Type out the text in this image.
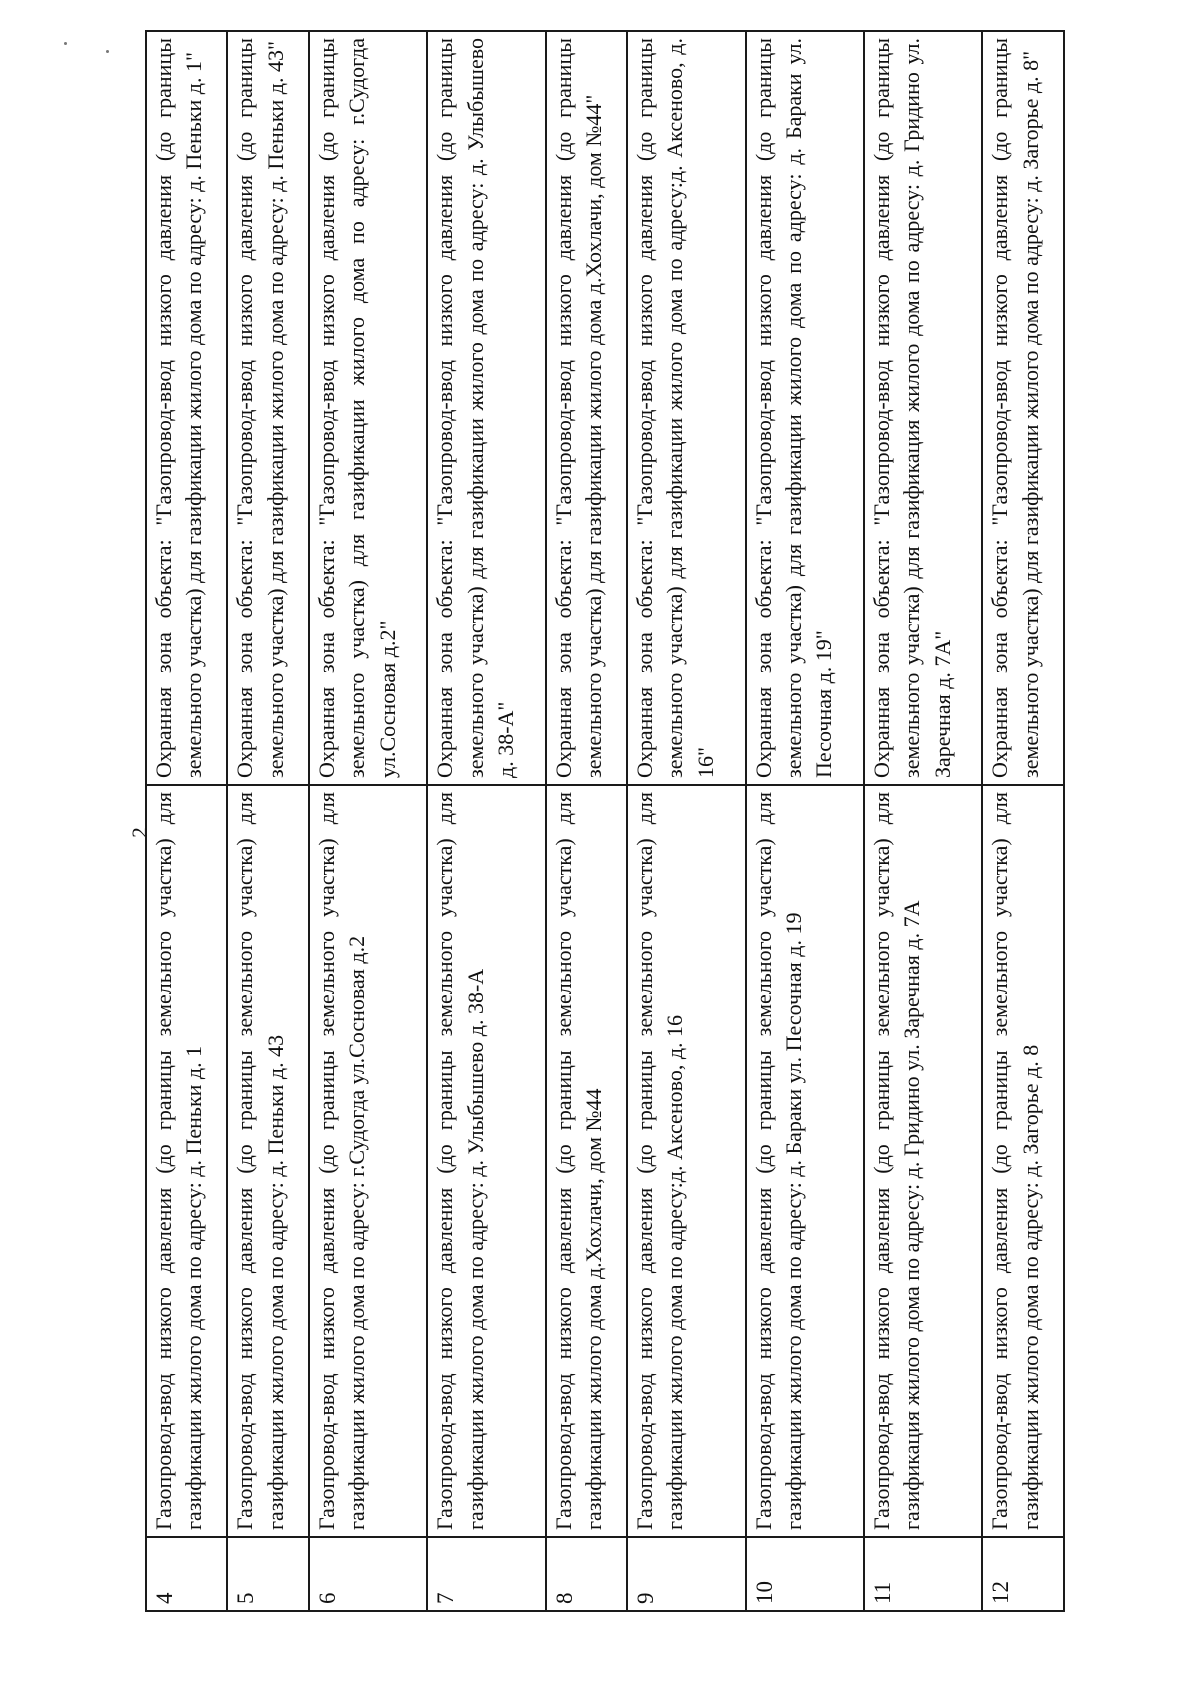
2
4	Газопровод-ввод низкого давления (до границы земельного участка) для газификации жилого дома по адресу: д. Пеньки д. 1	Охранная зона объекта: "Газопровод-ввод низкого давления (до границы земельного участка) для газификации жилого дома по адресу: д. Пеньки д. 1"
5	Газопровод-ввод низкого давления (до границы земельного участка) для газификации жилого дома по адресу: д. Пеньки д. 43	Охранная зона объекта: "Газопровод-ввод низкого давления (до границы земельного участка) для газификации жилого дома по адресу: д. Пеньки д. 43"
6	Газопровод-ввод низкого давления (до границы земельного участка) для газификации жилого дома по адресу: г.Судогда ул.Сосновая д.2	Охранная зона объекта: "Газопровод-ввод низкого давления (до границы земельного участка) для газификации жилого дома по адресу: г.Судогда ул.Сосновая д.2"
7	Газопровод-ввод низкого давления (до границы земельного участка) для газификации жилого дома по адресу: д. Улыбышево д. 38-А	Охранная зона объекта: "Газопровод-ввод низкого давления (до границы земельного участка) для газификации жилого дома по адресу: д. Улыбышево д. 38-А"
8	Газопровод-ввод низкого давления (до границы земельного участка) для газификации жилого дома д.Хохлачи, дом №44	Охранная зона объекта: "Газопровод-ввод низкого давления (до границы земельного участка) для газификации жилого дома д.Хохлачи, дом №44"
9	Газопровод-ввод низкого давления (до границы земельного участка) для газификации жилого дома по адресу:д. Аксеново, д. 16	Охранная зона объекта: "Газопровод-ввод низкого давления (до границы земельного участка) для газификации жилого дома по адресу:д. Аксеново, д. 16"
10	Газопровод-ввод низкого давления (до границы земельного участка) для газификации жилого дома по адресу: д. Бараки ул. Песочная д. 19	Охранная зона объекта: "Газопровод-ввод низкого давления (до границы земельного участка) для газификации жилого дома по адресу: д. Бараки ул. Песочная д. 19"
11	Газопровод-ввод низкого давления (до границы земельного участка) для газификация жилого дома по адресу: д. Гридино ул. Заречная д. 7А	Охранная зона объекта: "Газопровод-ввод низкого давления (до границы земельного участка) для газификация жилого дома по адресу: д. Гридино ул. Заречная д. 7А"
12	Газопровод-ввод низкого давления (до границы земельного участка) для газификации жилого дома по адресу: д. Загорье д. 8	Охранная зона объекта: "Газопровод-ввод низкого давления (до границы земельного участка) для газификации жилого дома по адресу: д. Загорье д. 8"
